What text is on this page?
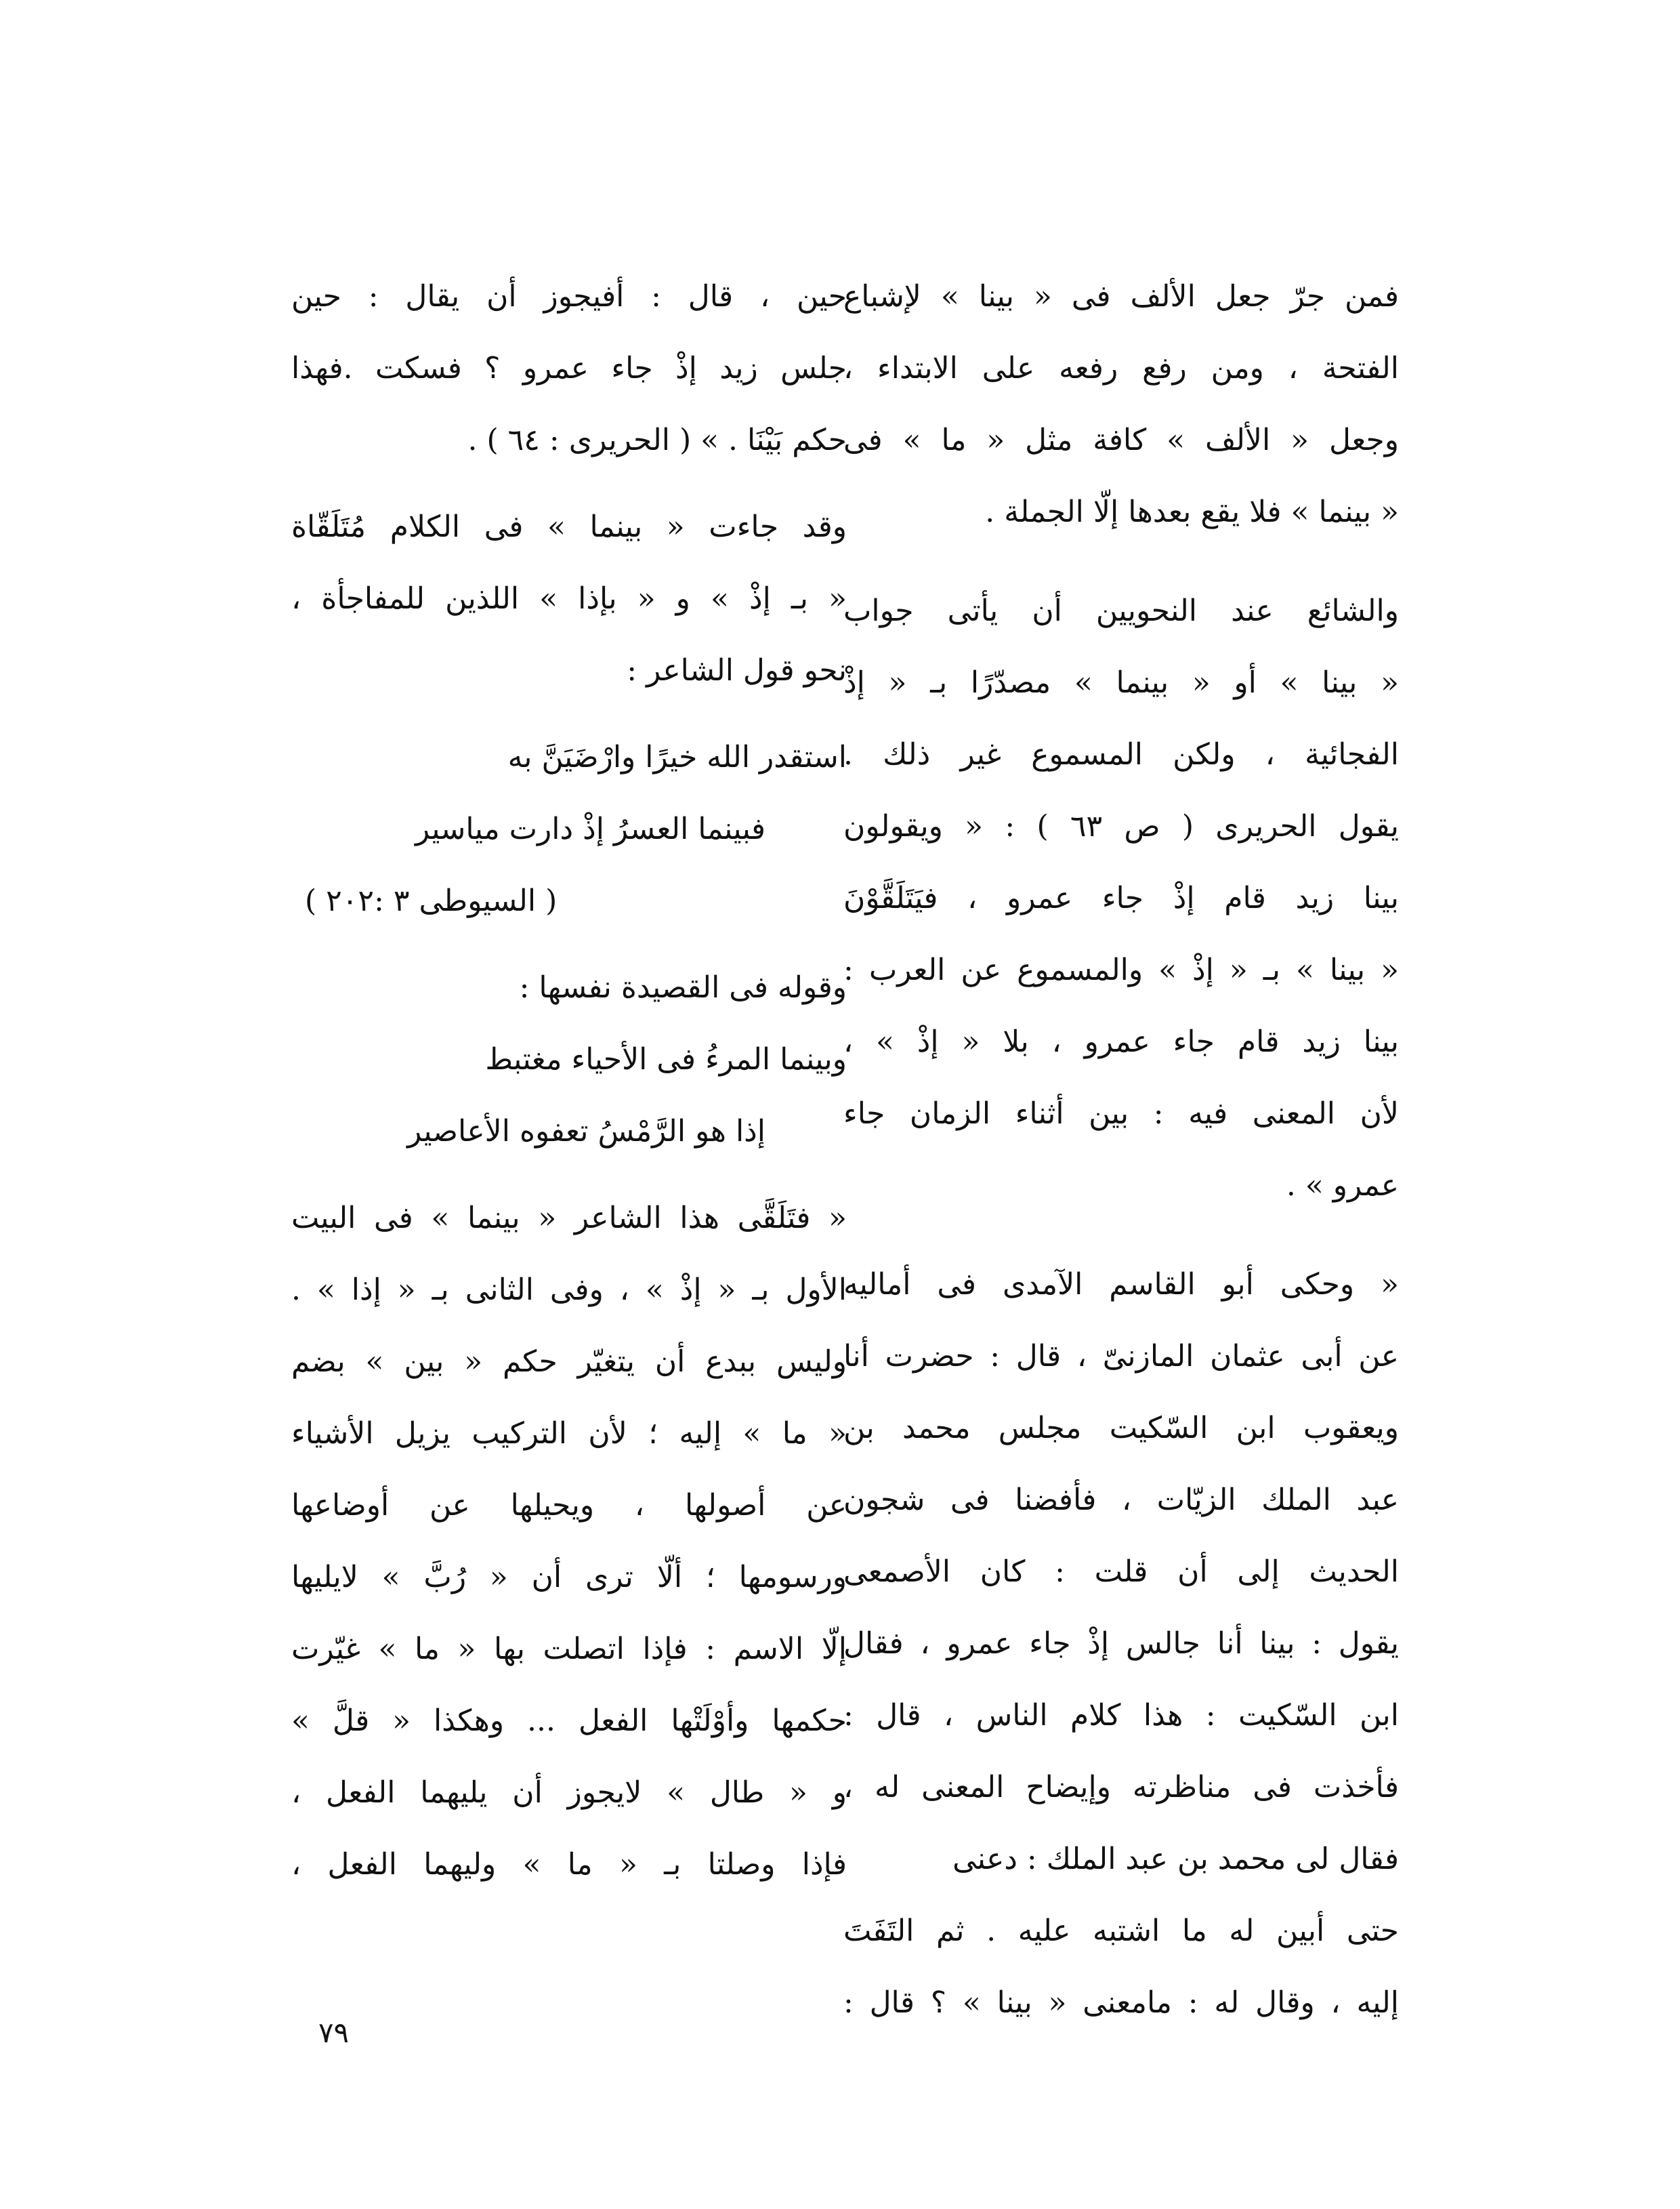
فمن جرّ جعل الألف فى « بينا » لإشباع
الفتحة ، ومن رفع رفعه على الابتداء ،
وجعل « الألف » كافة مثل « ما » فى
« بينما » فلا يقع بعدها إلّا الجملة .
والشائع عند النحويين أن يأتى جواب
« بينا » أو « بينما » مصدّرًا بـ « إذْ
الفجائية ، ولكن المسموع غير ذلك .
يقول الحريرى ( ص ٦٣ ) : « ويقولون
بينا زيد قام إذْ جاء عمرو ، فيَتَلَقَّوْنَ
« بينا » بـ « إذْ » والمسموع عن العرب :
بينا زيد قام جاء عمرو ، بلا « إذْ » ،
لأن المعنى فيه : بين أثناء الزمان جاء
عمرو » .
« وحكى أبو القاسم الآمدى فى أماليه
عن أبى عثمان المازنىّ ، قال : حضرت أنا
ويعقوب ابن السّكيت مجلس محمد بن
عبد الملك الزيّات ، فأفضنا فى شجون
الحديث إلى أن قلت : كان الأصمعى
يقول : بينا أنا جالس إذْ جاء عمرو ، فقال
ابن السّكيت : هذا كلام الناس ، قال :
فأخذت فى مناظرته وإيضاح المعنى له ،
فقال لى محمد بن عبد الملك : دعنى
حتى أبين له ما اشتبه عليه . ثم التَفَتَ
إليه ، وقال له : مامعنى « بينا » ؟ قال :
حين ، قال : أفيجوز أن يقال : حين
جلس زيد إذْ جاء عمرو ؟ فسكت .فهذا
حكم بَيْنَا . » ( الحريرى : ٦٤ ) .
وقد جاءت « بينما » فى الكلام مُتَلَقّاة
« بـ إذْ » و « بإذا » اللذين للمفاجأة ،
نحو قول الشاعر :
استقدر الله خيرًا وارْضَيَنَّ به
فبينما العسرُ إذْ دارت مياسير
( السيوطى ٣ :٢٠٢ )
وقوله فى القصيدة نفسها :
وبينما المرءُ فى الأحياء مغتبط
إذا هو الرَّمْسُ تعفوه الأعاصير
« فتَلَقَّى هذا الشاعر « بينما » فى البيت
الأول بـ « إذْ » ، وفى الثانى بـ « إذا » .
وليس ببدع أن يتغيّر حكم « بين » بضم
« ما » إليه ؛ لأن التركيب يزيل الأشياء
عن أصولها ، ويحيلها عن أوضاعها
ورسومها ؛ ألّا ترى أن « رُبَّ » لايليها
إلّا الاسم : فإذا اتصلت بها « ما » غيّرت
حكمها وأوْلَتْها الفعل ... وهكذا « قلَّ »
و « طال » لايجوز أن يليهما الفعل ،
فإذا وصلتا بـ « ما » وليهما الفعل ،
٧٩
